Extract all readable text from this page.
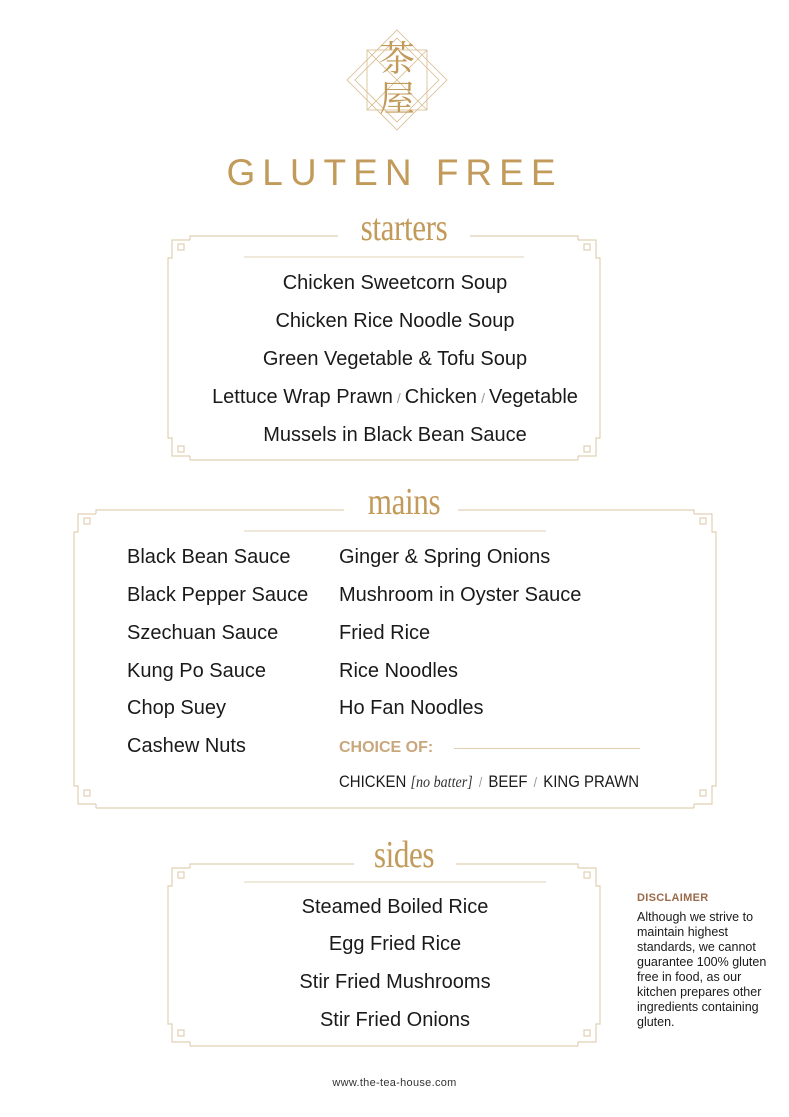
茶
屋
GLUTEN FREE
starters
Chicken Sweetcorn Soup
Chicken Rice Noodle Soup
Green Vegetable & Tofu Soup
Lettuce Wrap Prawn / Chicken / Vegetable
Mussels in Black Bean Sauce
mains
Black Bean Sauce
Black Pepper Sauce
Szechuan Sauce
Kung Po Sauce
Chop Suey
Cashew Nuts
Ginger & Spring Onions
Mushroom in Oyster Sauce
Fried Rice
Rice Noodles
Ho Fan Noodles
CHOICE OF:
CHICKEN [no batter] / BEEF / KING PRAWN
sides
Steamed Boiled Rice
Egg Fried Rice
Stir Fried Mushrooms
Stir Fried Onions
DISCLAIMER
Although we strive to maintain highest standards, we cannot guarantee 100% gluten free in food, as our kitchen prepares other ingredients containing gluten.
www.the-tea-house.com
